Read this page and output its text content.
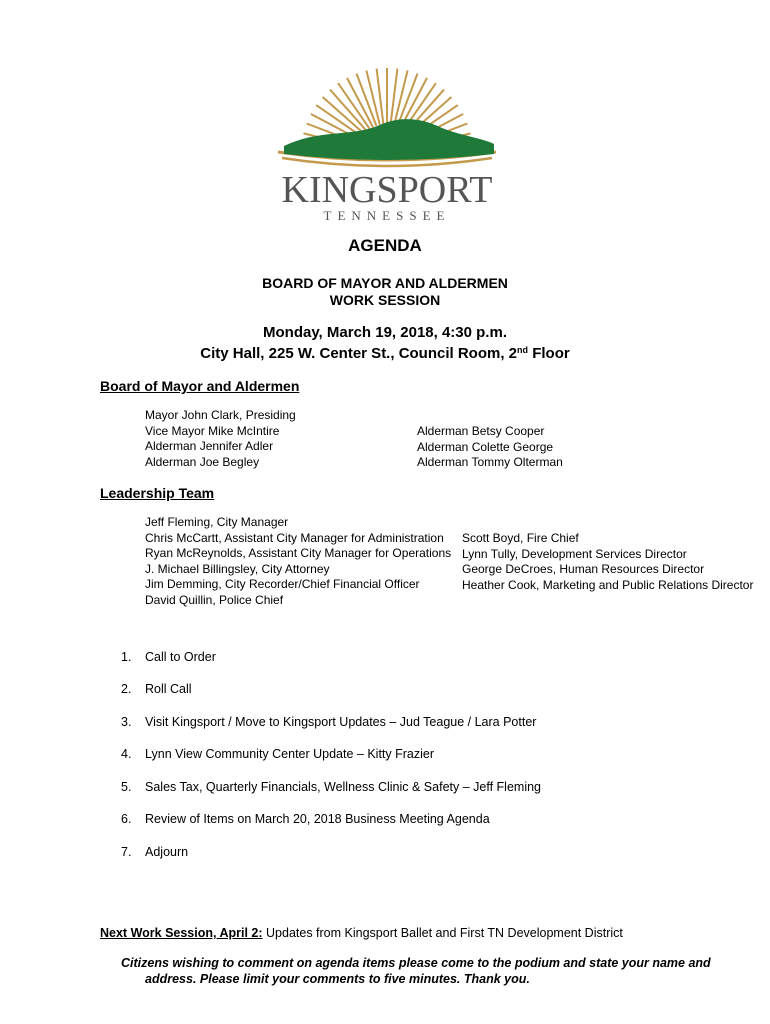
KINGSPORT
TENNESSEE
AGENDA
BOARD OF MAYOR AND ALDERMEN
WORK SESSION
Monday, March 19, 2018, 4:30 p.m.
City Hall, 225 W. Center St., Council Room, 2nd Floor
Board of Mayor and Aldermen
Mayor John Clark, Presiding
Vice Mayor Mike McIntire
Alderman Jennifer Adler
Alderman Joe Begley
Alderman Betsy Cooper
Alderman Colette George
Alderman Tommy Olterman
Leadership Team
Jeff Fleming, City Manager
Chris McCartt, Assistant City Manager for Administration
Ryan McReynolds, Assistant City Manager for Operations
J. Michael Billingsley, City Attorney
Jim Demming, City Recorder/Chief Financial Officer
David Quillin, Police Chief
Scott Boyd, Fire Chief
Lynn Tully, Development Services Director
George DeCroes, Human Resources Director
Heather Cook, Marketing and Public Relations Director
1. Call to Order
2. Roll Call
3. Visit Kingsport / Move to Kingsport Updates – Jud Teague / Lara Potter
4. Lynn View Community Center Update – Kitty Frazier
5. Sales Tax, Quarterly Financials, Wellness Clinic & Safety – Jeff Fleming
6. Review of Items on March 20, 2018 Business Meeting Agenda
7. Adjourn
Next Work Session, April 2: Updates from Kingsport Ballet and First TN Development District
Citizens wishing to comment on agenda items please come to the podium and state your name and
address. Please limit your comments to five minutes. Thank you.
